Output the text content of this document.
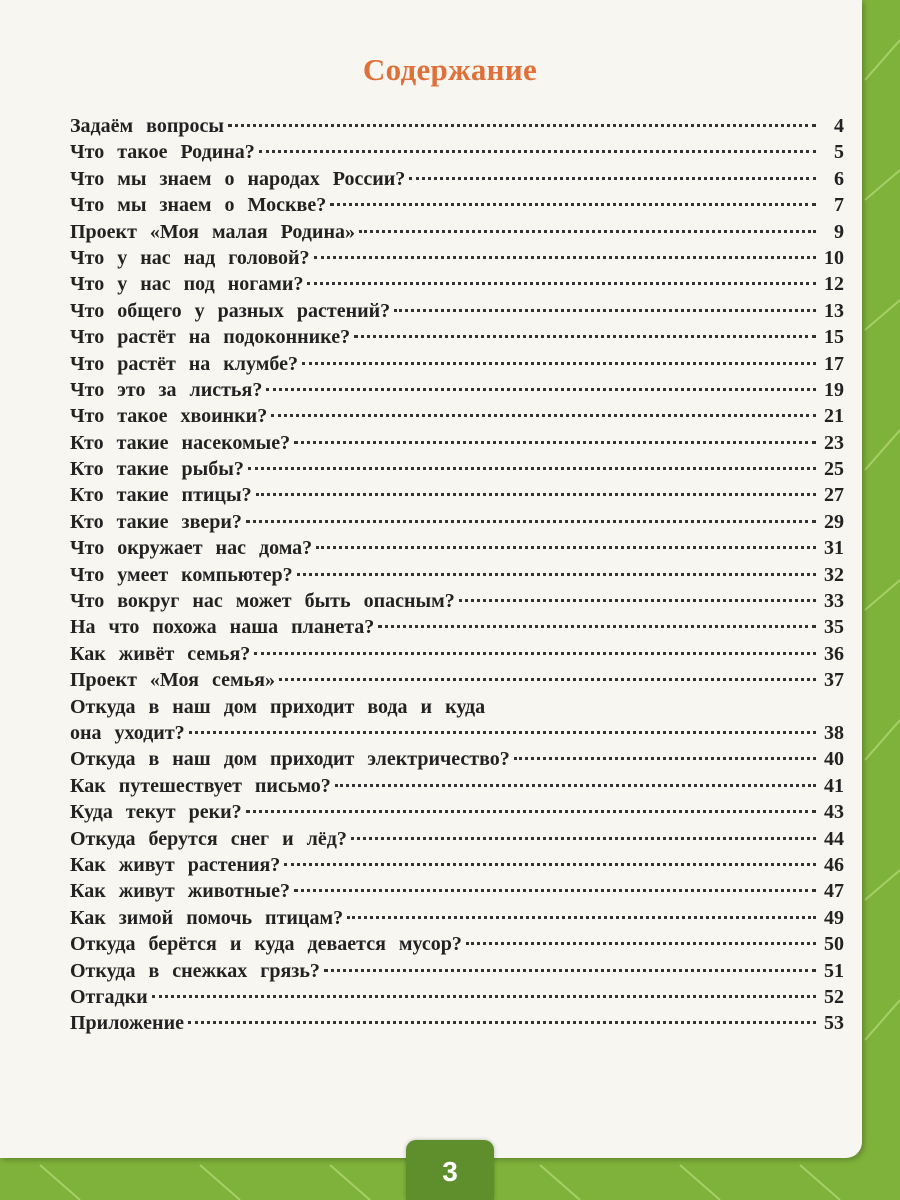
Содержание
Задаём вопросы	4
Что такое Родина?	5
Что мы знаем о народах России?	6
Что мы знаем о Москве?	7
Проект «Моя малая Родина»	9
Что у нас над головой?	10
Что у нас под ногами?	12
Что общего у разных растений?	13
Что растёт на подоконнике?	15
Что растёт на клумбе?	17
Что это за листья?	19
Что такое хвоинки?	21
Кто такие насекомые?	23
Кто такие рыбы?	25
Кто такие птицы?	27
Кто такие звери?	29
Что окружает нас дома?	31
Что умеет компьютер?	32
Что вокруг нас может быть опасным?	33
На что похожа наша планета?	35
Как живёт семья?	36
Проект «Моя семья»	37
Откуда в наш дом приходит вода и куда
она уходит?	38
Откуда в наш дом приходит электричество?	40
Как путешествует письмо?	41
Куда текут реки?	43
Откуда берутся снег и лёд?	44
Как живут растения?	46
Как живут животные?	47
Как зимой помочь птицам?	49
Откуда берётся и куда девается мусор?	50
Откуда в снежках грязь?	51
Отгадки	52
Приложение	53
3
